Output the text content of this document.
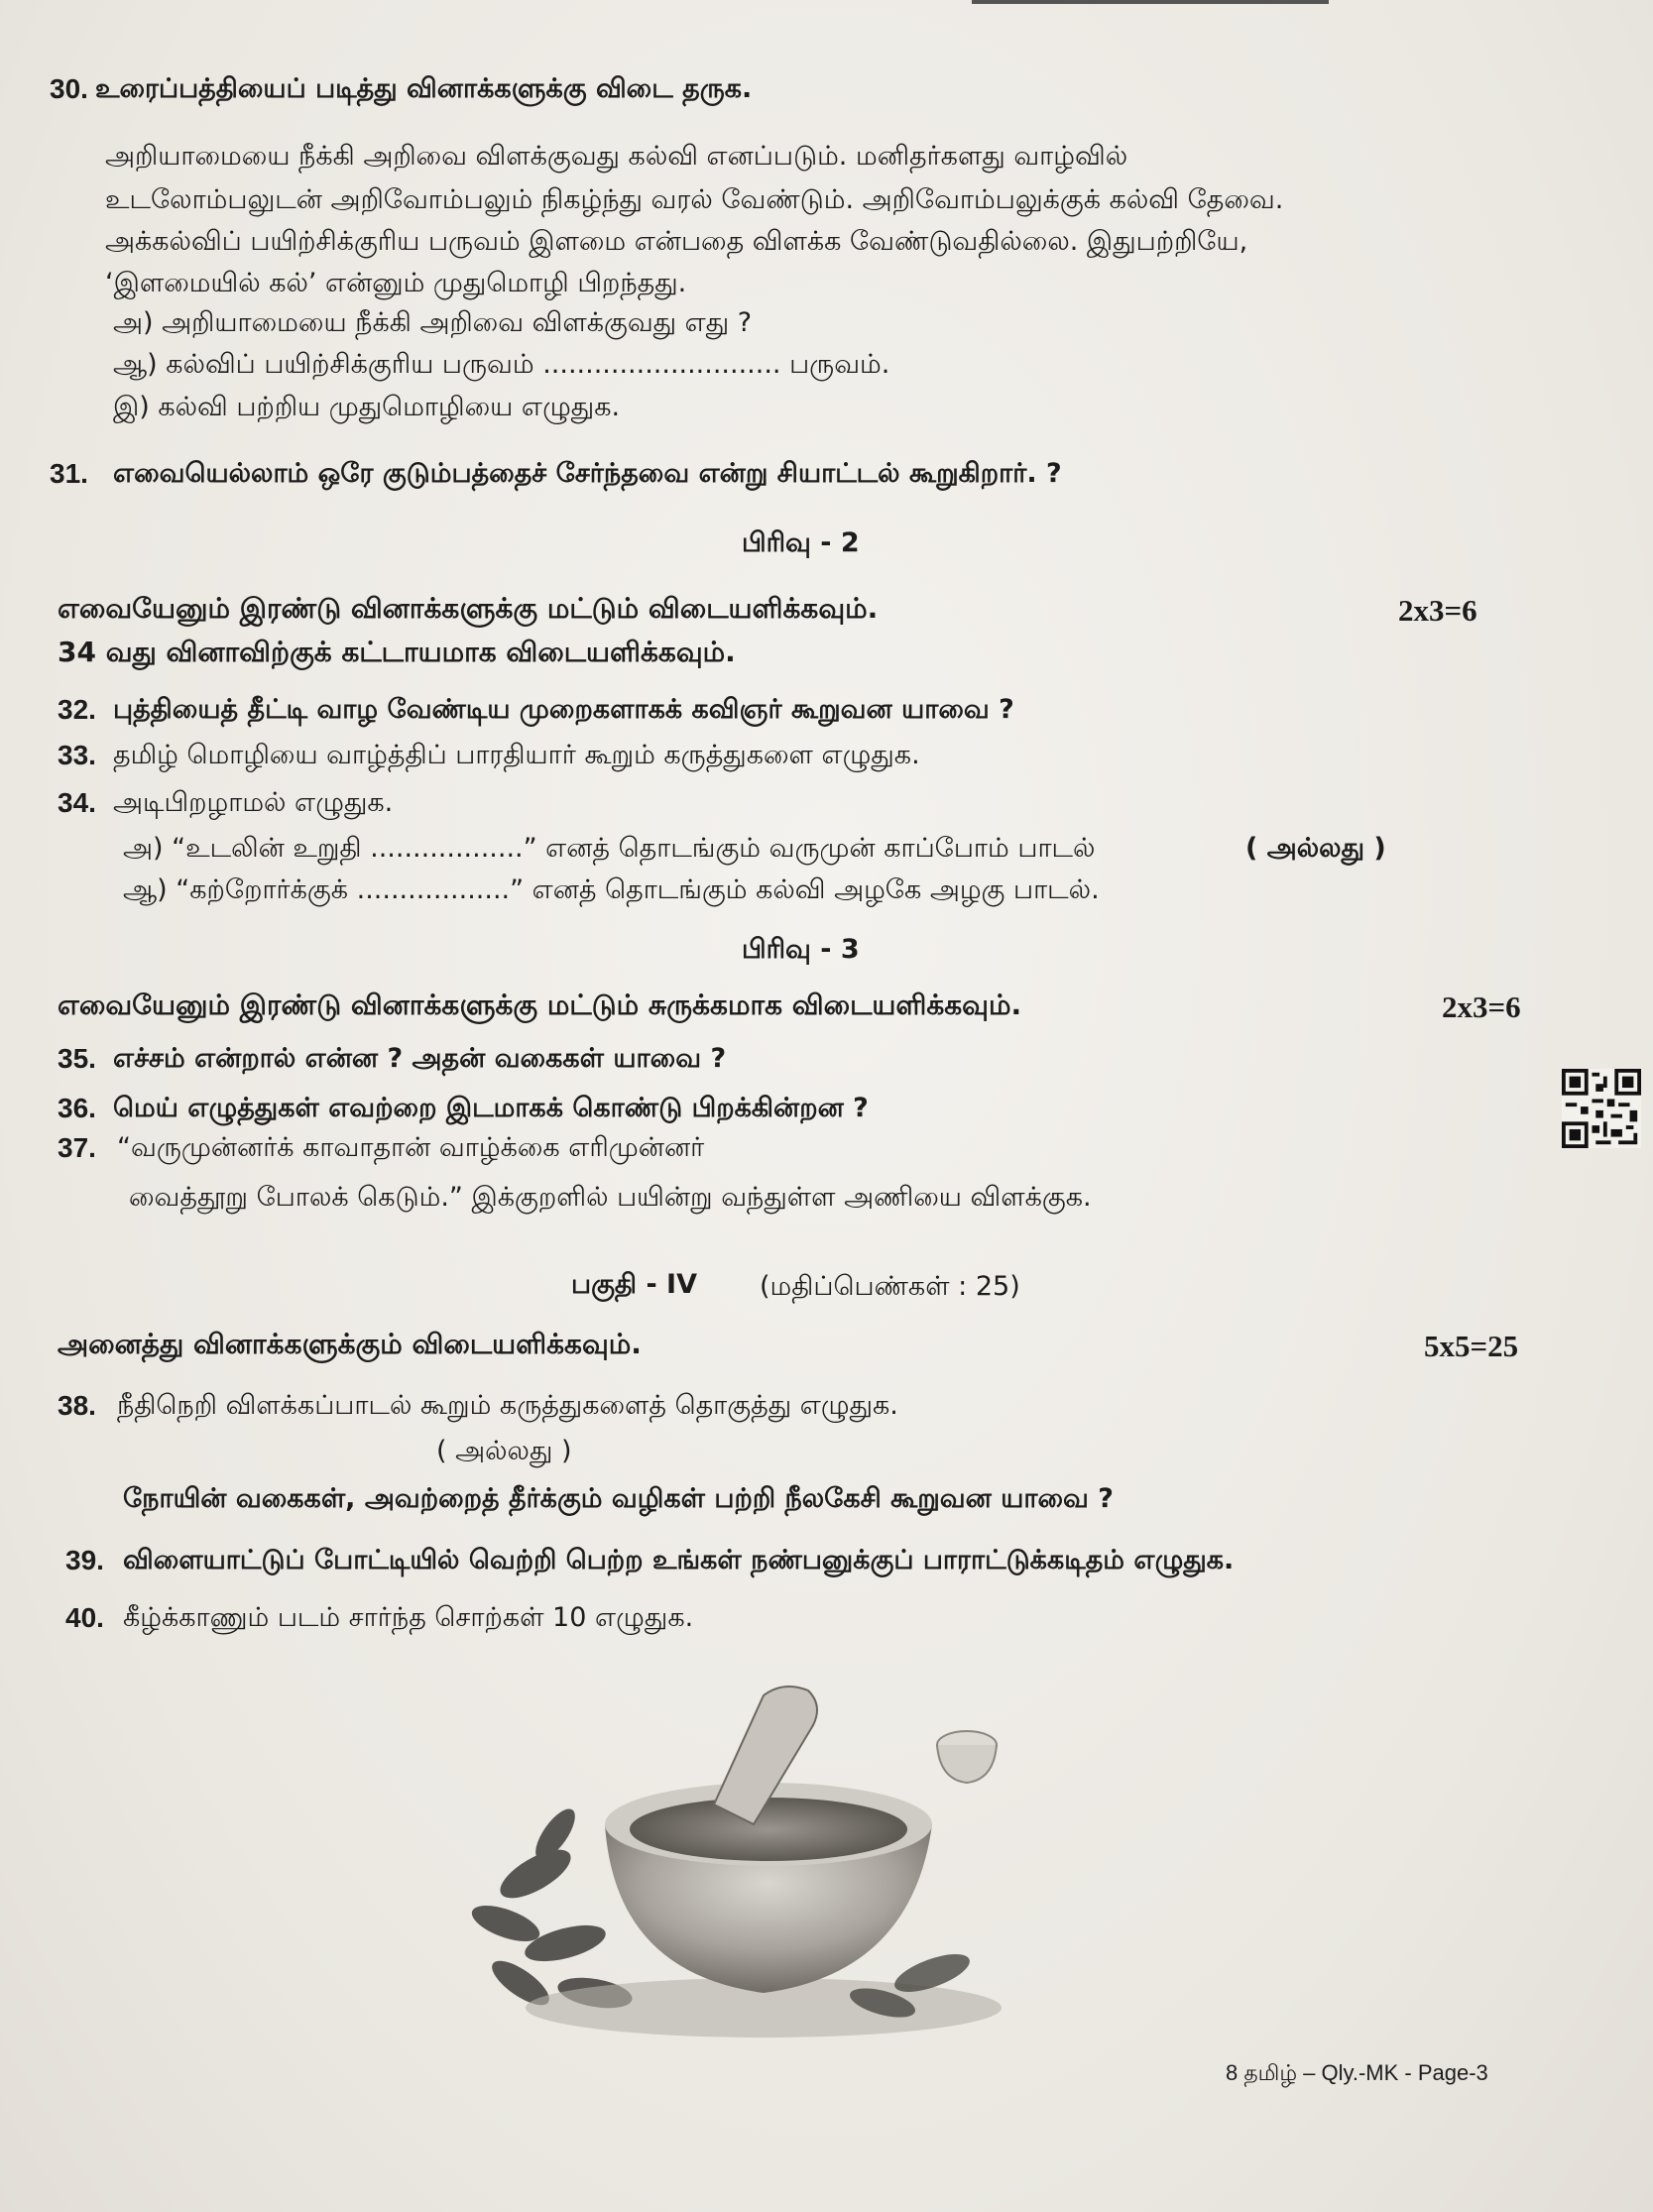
30. உரைப்பத்தியைப் படித்து வினாக்களுக்கு விடை தருக.
அறியாமையை நீக்கி அறிவை விளக்குவது கல்வி எனப்படும். மனிதர்களது வாழ்வில்
உடலோம்பலுடன் அறிவோம்பலும் நிகழ்ந்து வரல் வேண்டும். அறிவோம்பலுக்குக் கல்வி தேவை.
அக்கல்விப் பயிற்சிக்குரிய பருவம் இளமை என்பதை விளக்க வேண்டுவதில்லை. இதுபற்றியே,
‘இளமையில் கல்’ என்னும் முதுமொழி பிறந்தது.
அ) அறியாமையை நீக்கி அறிவை விளக்குவது எது ?
ஆ) கல்விப் பயிற்சிக்குரிய பருவம் ............................ பருவம்.
இ) கல்வி பற்றிய முதுமொழியை எழுதுக.
31. எவையெல்லாம் ஒரே குடும்பத்தைச் சேர்ந்தவை என்று சியாட்டல் கூறுகிறார். ?
பிரிவு - 2
எவையேனும் இரண்டு வினாக்களுக்கு மட்டும் விடையளிக்கவும்.	2x3=6
34 வது வினாவிற்குக் கட்டாயமாக விடையளிக்கவும்.
32. புத்தியைத் தீட்டி வாழ வேண்டிய முறைகளாகக் கவிஞர் கூறுவன யாவை ?
33. தமிழ் மொழியை வாழ்த்திப் பாரதியார் கூறும் கருத்துகளை எழுதுக.
34. அடிபிறழாமல் எழுதுக.
அ) “உடலின் உறுதி ..................” எனத் தொடங்கும் வருமுன் காப்போம் பாடல்	( அல்லது )
ஆ) “கற்றோர்க்குக் ..................” எனத் தொடங்கும் கல்வி அழகே அழகு பாடல்.
பிரிவு - 3
எவையேனும் இரண்டு வினாக்களுக்கு மட்டும் சுருக்கமாக விடையளிக்கவும்.	2x3=6
35. எச்சம் என்றால் என்ன ? அதன் வகைகள் யாவை ?
36. மெய் எழுத்துகள் எவற்றை இடமாகக் கொண்டு பிறக்கின்றன ?
37. “வருமுன்னர்க் காவாதான் வாழ்க்கை எரிமுன்னர்
வைத்தூறு போலக் கெடும்.” இக்குறளில் பயின்று வந்துள்ள அணியை விளக்குக.
பகுதி - IV (மதிப்பெண்கள் : 25)
அனைத்து வினாக்களுக்கும் விடையளிக்கவும்.	5x5=25
38. நீதிநெறி விளக்கப்பாடல் கூறும் கருத்துகளைத் தொகுத்து எழுதுக.
( அல்லது )
நோயின் வகைகள், அவற்றைத் தீர்க்கும் வழிகள் பற்றி நீலகேசி கூறுவன யாவை ?
39. விளையாட்டுப் போட்டியில் வெற்றி பெற்ற உங்கள் நண்பனுக்குப் பாராட்டுக்கடிதம் எழுதுக.
40. கீழ்க்காணும் படம் சார்ந்த சொற்கள் 10 எழுதுக.
8 தமிழ் – Qly.-MK - Page-3
